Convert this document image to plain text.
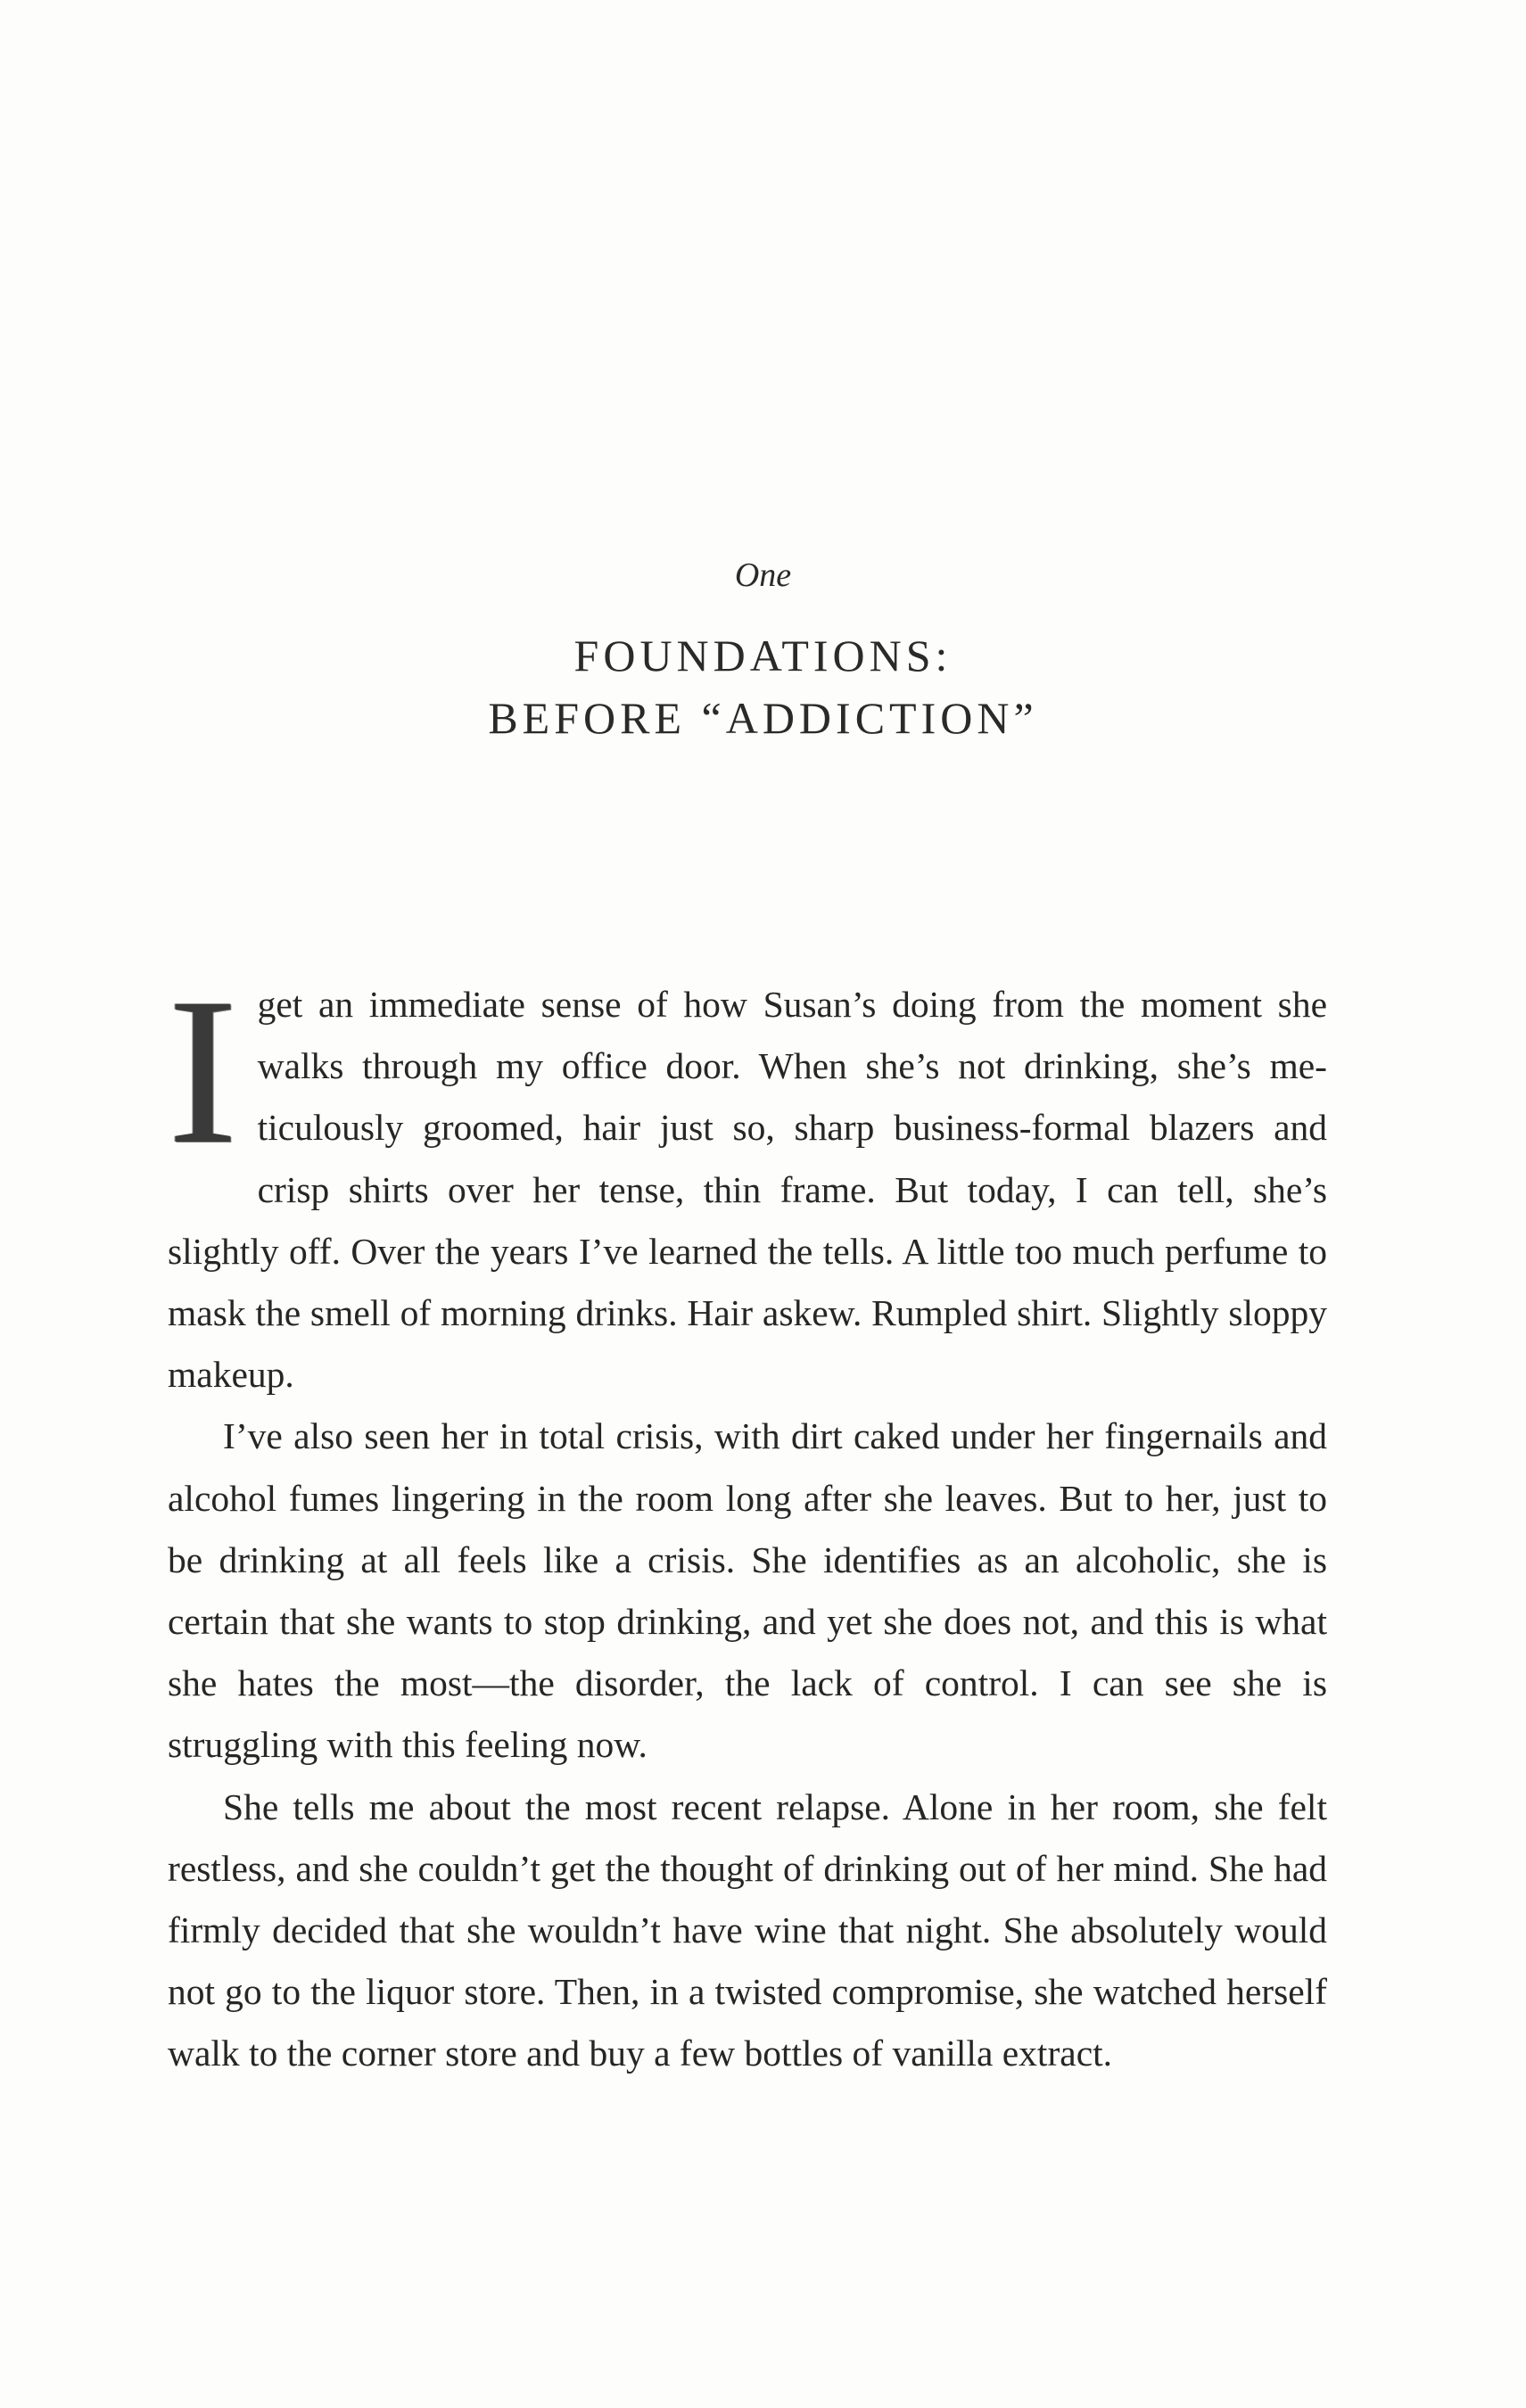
One
FOUNDATIONS:
BEFORE “ADDICTION”

I get an immediate sense of how Susan’s doing from the moment she walks through my office door. When she’s not drinking, she’s meticulously groomed, hair just so, sharp business-formal blazers and crisp shirts over her tense, thin frame. But today, I can tell, she’s slightly off. Over the years I’ve learned the tells. A little too much perfume to mask the smell of morning drinks. Hair askew. Rumpled shirt. Slightly sloppy makeup.

I’ve also seen her in total crisis, with dirt caked under her fingernails and alcohol fumes lingering in the room long after she leaves. But to her, just to be drinking at all feels like a crisis. She identifies as an alcoholic, she is certain that she wants to stop drinking, and yet she does not, and this is what she hates the most—the disorder, the lack of control. I can see she is struggling with this feeling now.

She tells me about the most recent relapse. Alone in her room, she felt restless, and she couldn’t get the thought of drinking out of her mind. She had firmly decided that she wouldn’t have wine that night. She absolutely would not go to the liquor store. Then, in a twisted compromise, she watched herself walk to the corner store and buy a few bottles of vanilla extract.
